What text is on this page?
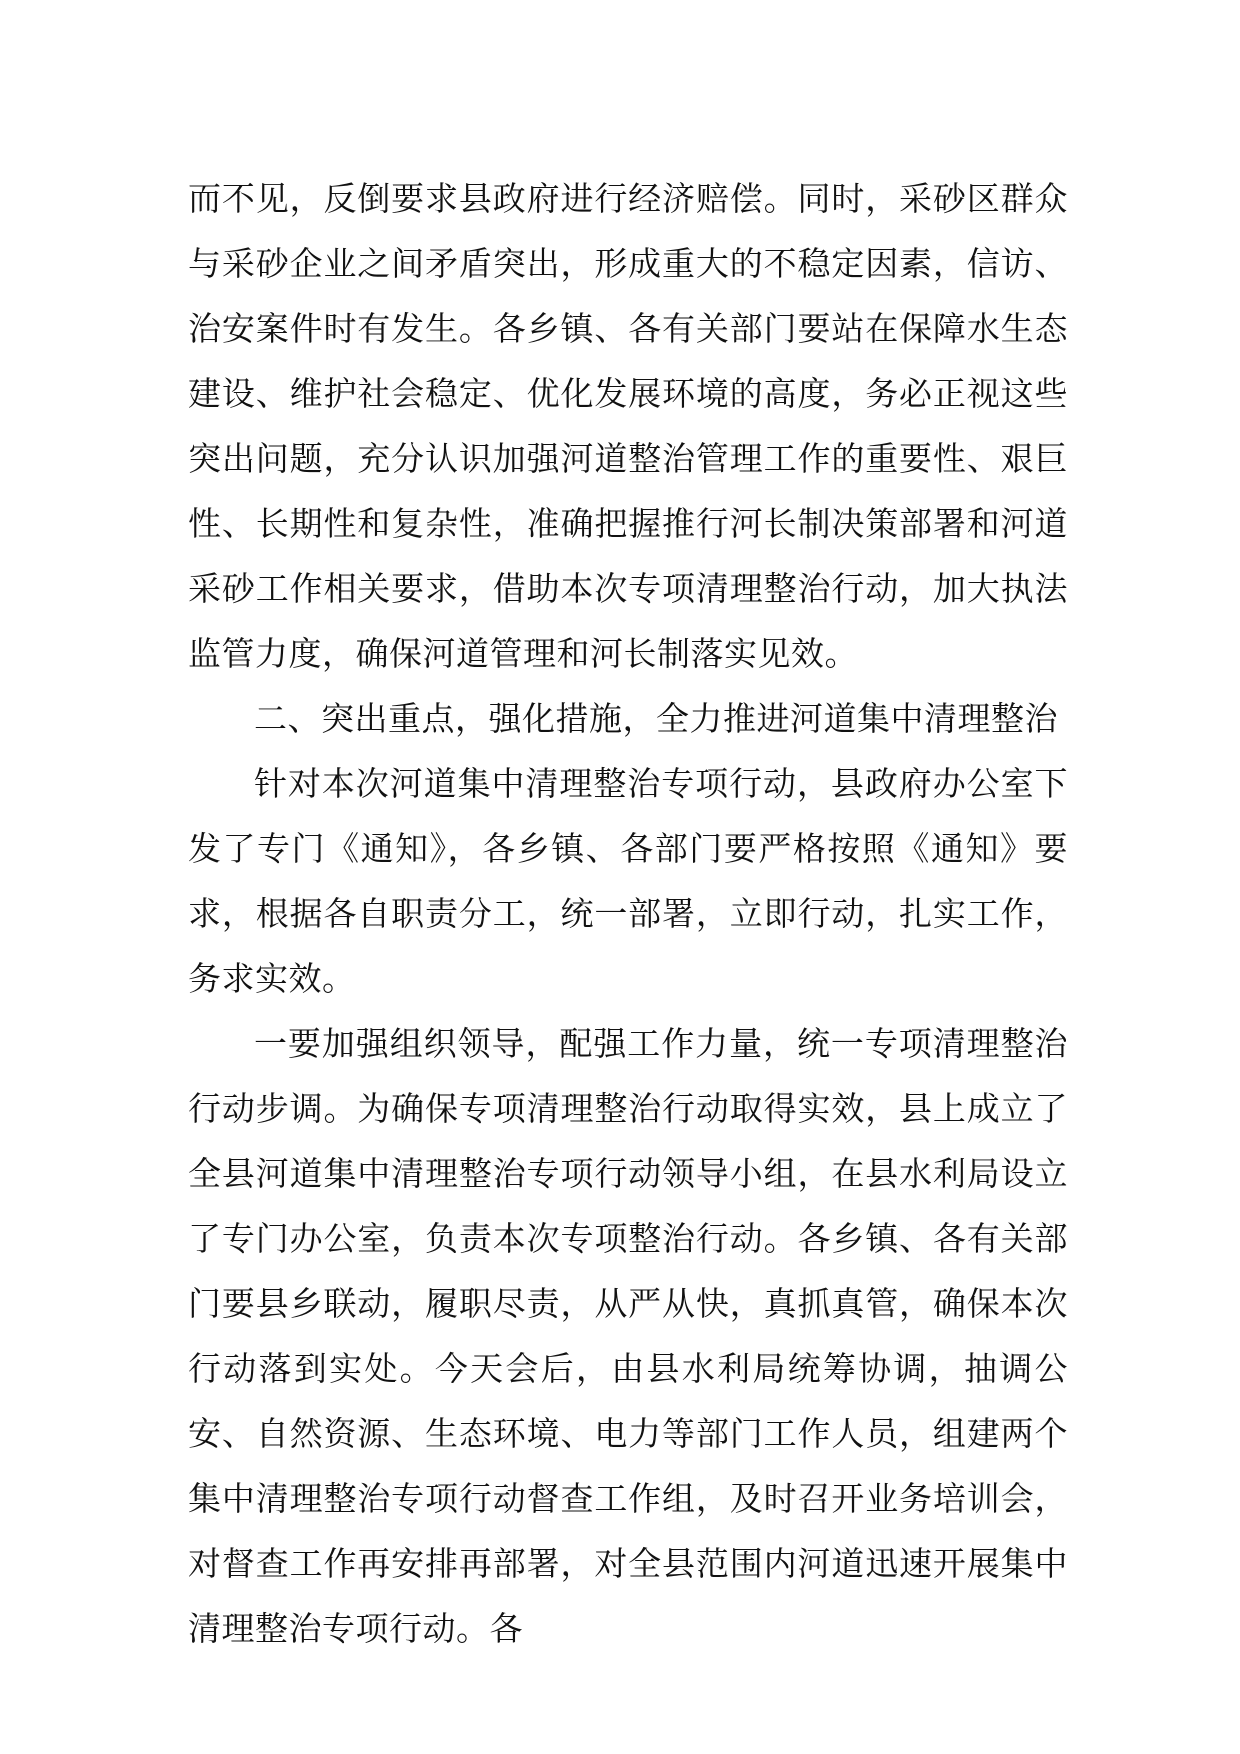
而不见，反倒要求县政府进行经济赔偿。同时，采砂区群众与采砂企业之间矛盾突出，形成重大的不稳定因素，信访、治安案件时有发生。各乡镇、各有关部门要站在保障水生态建设、维护社会稳定、优化发展环境的高度，务必正视这些突出问题，充分认识加强河道整治管理工作的重要性、艰巨性、长期性和复杂性，准确把握推行河长制决策部署和河道采砂工作相关要求，借助本次专项清理整治行动，加大执法监管力度，确保河道管理和河长制落实见效。

二、突出重点，强化措施，全力推进河道集中清理整治

针对本次河道集中清理整治专项行动，县政府办公室下发了专门《通知》，各乡镇、各部门要严格按照《通知》要求，根据各自职责分工，统一部署，立即行动，扎实工作，务求实效。

一要加强组织领导，配强工作力量，统一专项清理整治行动步调。为确保专项清理整治行动取得实效，县上成立了全县河道集中清理整治专项行动领导小组，在县水利局设立了专门办公室，负责本次专项整治行动。各乡镇、各有关部门要县乡联动，履职尽责，从严从快，真抓真管，确保本次行动落到实处。今天会后，由县水利局统筹协调，抽调公安、自然资源、生态环境、电力等部门工作人员，组建两个集中清理整治专项行动督查工作组，及时召开业务培训会，对督查工作再安排再部署，对全县范围内河道迅速开展集中清理整治专项行动。各
